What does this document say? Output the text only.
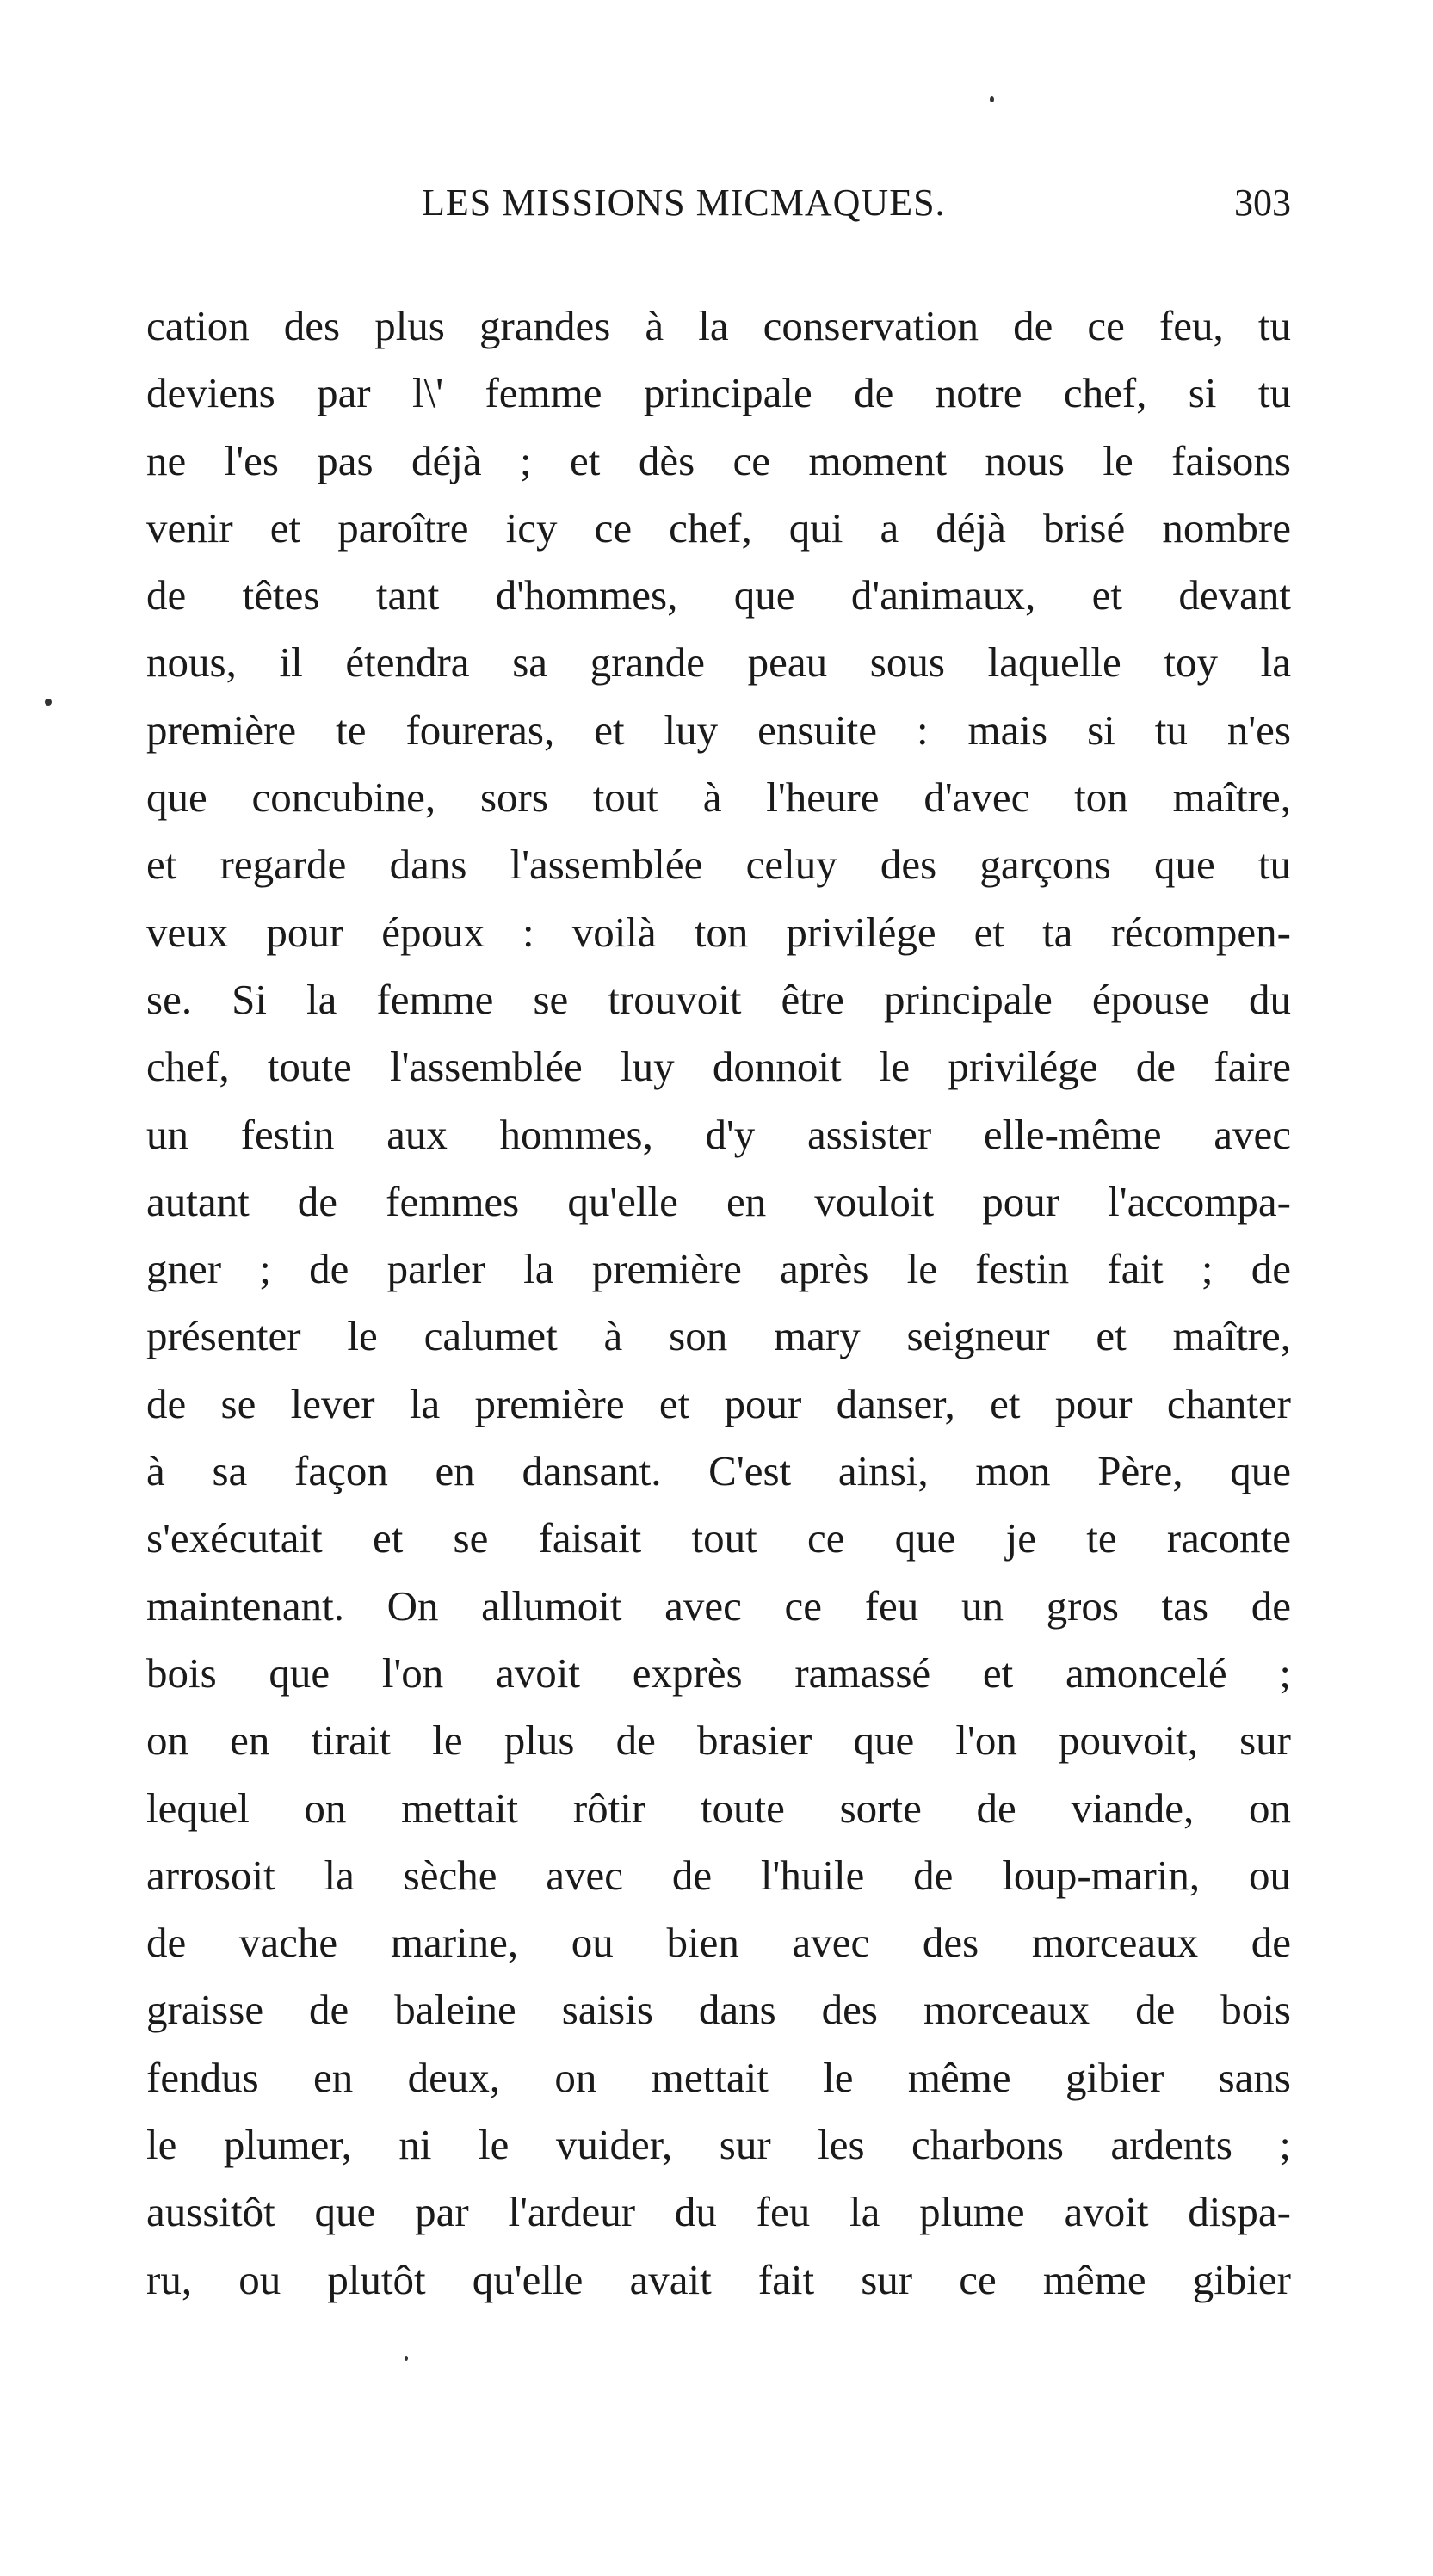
LES MISSIONS MICMAQUES.	303
cation des plus grandes à la conservation de ce feu, tu
deviens par l\' femme principale de notre chef, si tu
ne l'es pas déjà ; et dès ce moment nous le faisons
venir et paroître icy ce chef, qui a déjà brisé nombre
de têtes tant d'hommes, que d'animaux, et devant
nous, il étendra sa grande peau sous laquelle toy la
première te foureras, et luy ensuite : mais si tu n'es
que concubine, sors tout à l'heure d'avec ton maître,
et regarde dans l'assemblée celuy des garçons que tu
veux pour époux : voilà ton privilége et ta récompen-
se. Si la femme se trouvoit être principale épouse du
chef, toute l'assemblée luy donnoit le privilége de faire
un festin aux hommes, d'y assister elle-même avec
autant de femmes qu'elle en vouloit pour l'accompa-
gner ; de parler la première après le festin fait ; de
présenter le calumet à son mary seigneur et maître,
de se lever la première et pour danser, et pour chanter
à sa façon en dansant. C'est ainsi, mon Père, que
s'exécutait et se faisait tout ce que je te raconte
maintenant. On allumoit avec ce feu un gros tas de
bois que l'on avoit exprès ramassé et amoncelé ;
on en tirait le plus de brasier que l'on pouvoit, sur
lequel on mettait rôtir toute sorte de viande, on
arrosoit la sèche avec de l'huile de loup-marin, ou
de vache marine, ou bien avec des morceaux de
graisse de baleine saisis dans des morceaux de bois
fendus en deux, on mettait le même gibier sans
le plumer, ni le vuider, sur les charbons ardents ;
aussitôt que par l'ardeur du feu la plume avoit dispa-
ru, ou plutôt qu'elle avait fait sur ce même gibier
